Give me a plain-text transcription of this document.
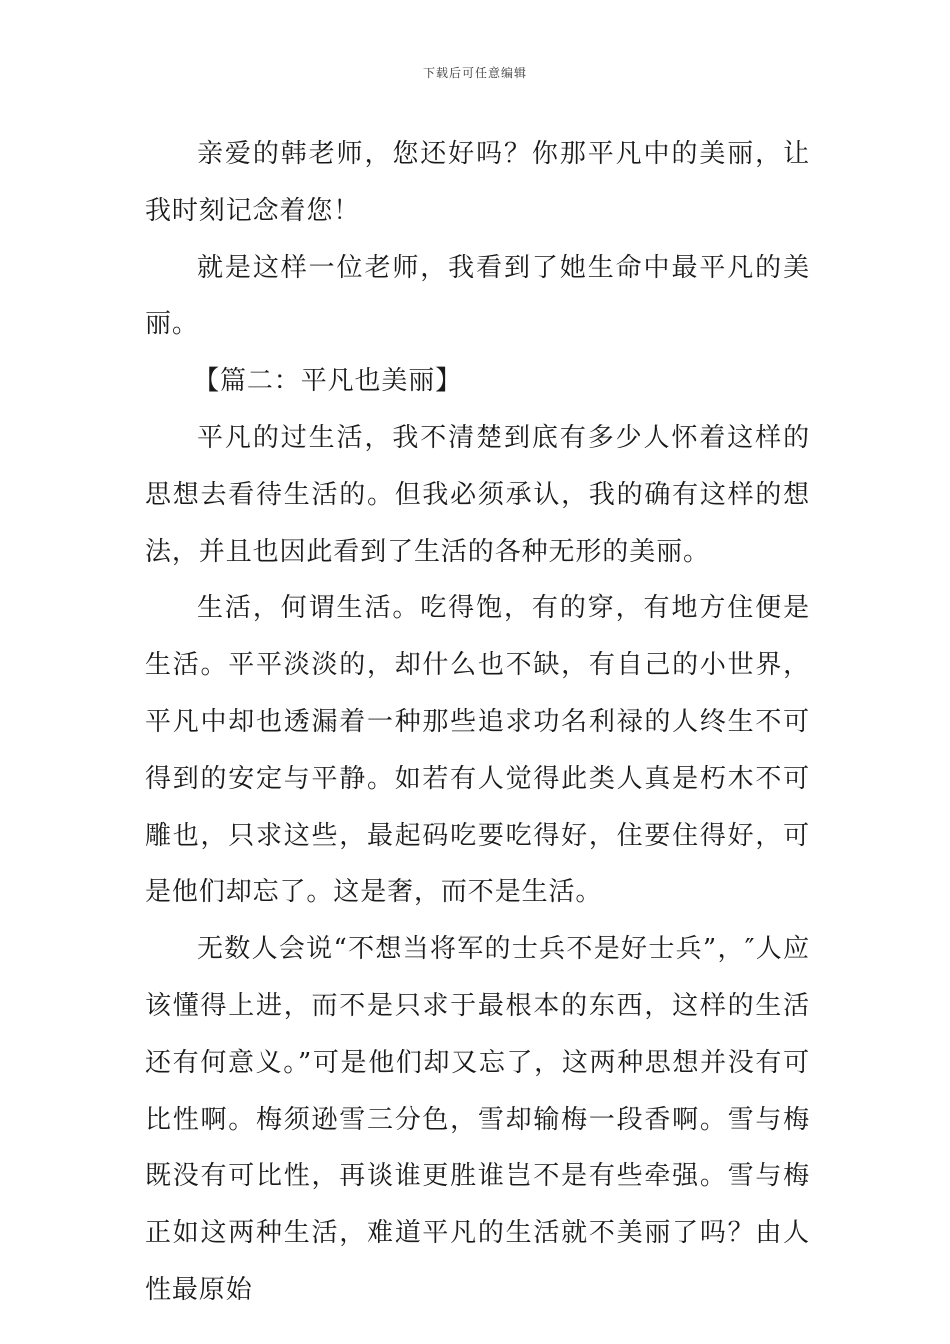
下载后可任意编辑

亲爱的韩老师，您还好吗？你那平凡中的美丽，让我时刻记念着您！

就是这样一位老师，我看到了她生命中最平凡的美丽。

【篇二：平凡也美丽】

平凡的过生活，我不清楚到底有多少人怀着这样的思想去看待生活的。但我必须承认，我的确有这样的想法，并且也因此看到了生活的各种无形的美丽。

生活，何谓生活。吃得饱，有的穿，有地方住便是生活。平平淡淡的，却什么也不缺，有自己的小世界，平凡中却也透漏着一种那些追求功名利禄的人终生不可得到的安定与平静。如若有人觉得此类人真是朽木不可雕也，只求这些，最起码吃要吃得好，住要住得好，可是他们却忘了。这是奢，而不是生活。

无数人会说“不想当将军的士兵不是好士兵”，″人应该懂得上进，而不是只求于最根本的东西，这样的生活还有何意义。”可是他们却又忘了，这两种思想并没有可比性啊。梅须逊雪三分色，雪却输梅一段香啊。雪与梅既没有可比性，再谈谁更胜谁岂不是有些牵强。雪与梅正如这两种生活，难道平凡的生活就不美丽了吗？由人性最原始
